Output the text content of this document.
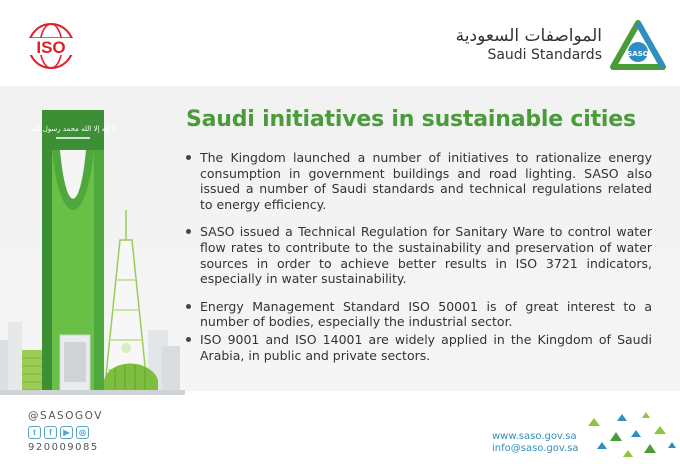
ISO
المواصفات السعودية
Saudi Standards	SASO
لا إله إلا الله محمد رسول الله	Saudi initiatives in sustainable cities
The Kingdom launched a number of initiatives to rationalize energy consumption in government buildings and road lighting. SASO also issued a number of Saudi standards and technical regulations related to energy efficiency.
SASO issued a Technical Regulation for Sanitary Ware to control water flow rates to contribute to the sustainability and preservation of water sources in order to achieve better results in ISO 3721 indicators, especially in water sustainability.
Energy Management Standard ISO 50001 is of great interest to a number of bodies, especially the industrial sector.
ISO 9001 and ISO 14001 are widely applied in the Kingdom of Saudi Arabia, in public and private sectors.
@SASOGOV
t	f	▶	◎
920009085
www.saso.gov.sa
info@saso.gov.sa
